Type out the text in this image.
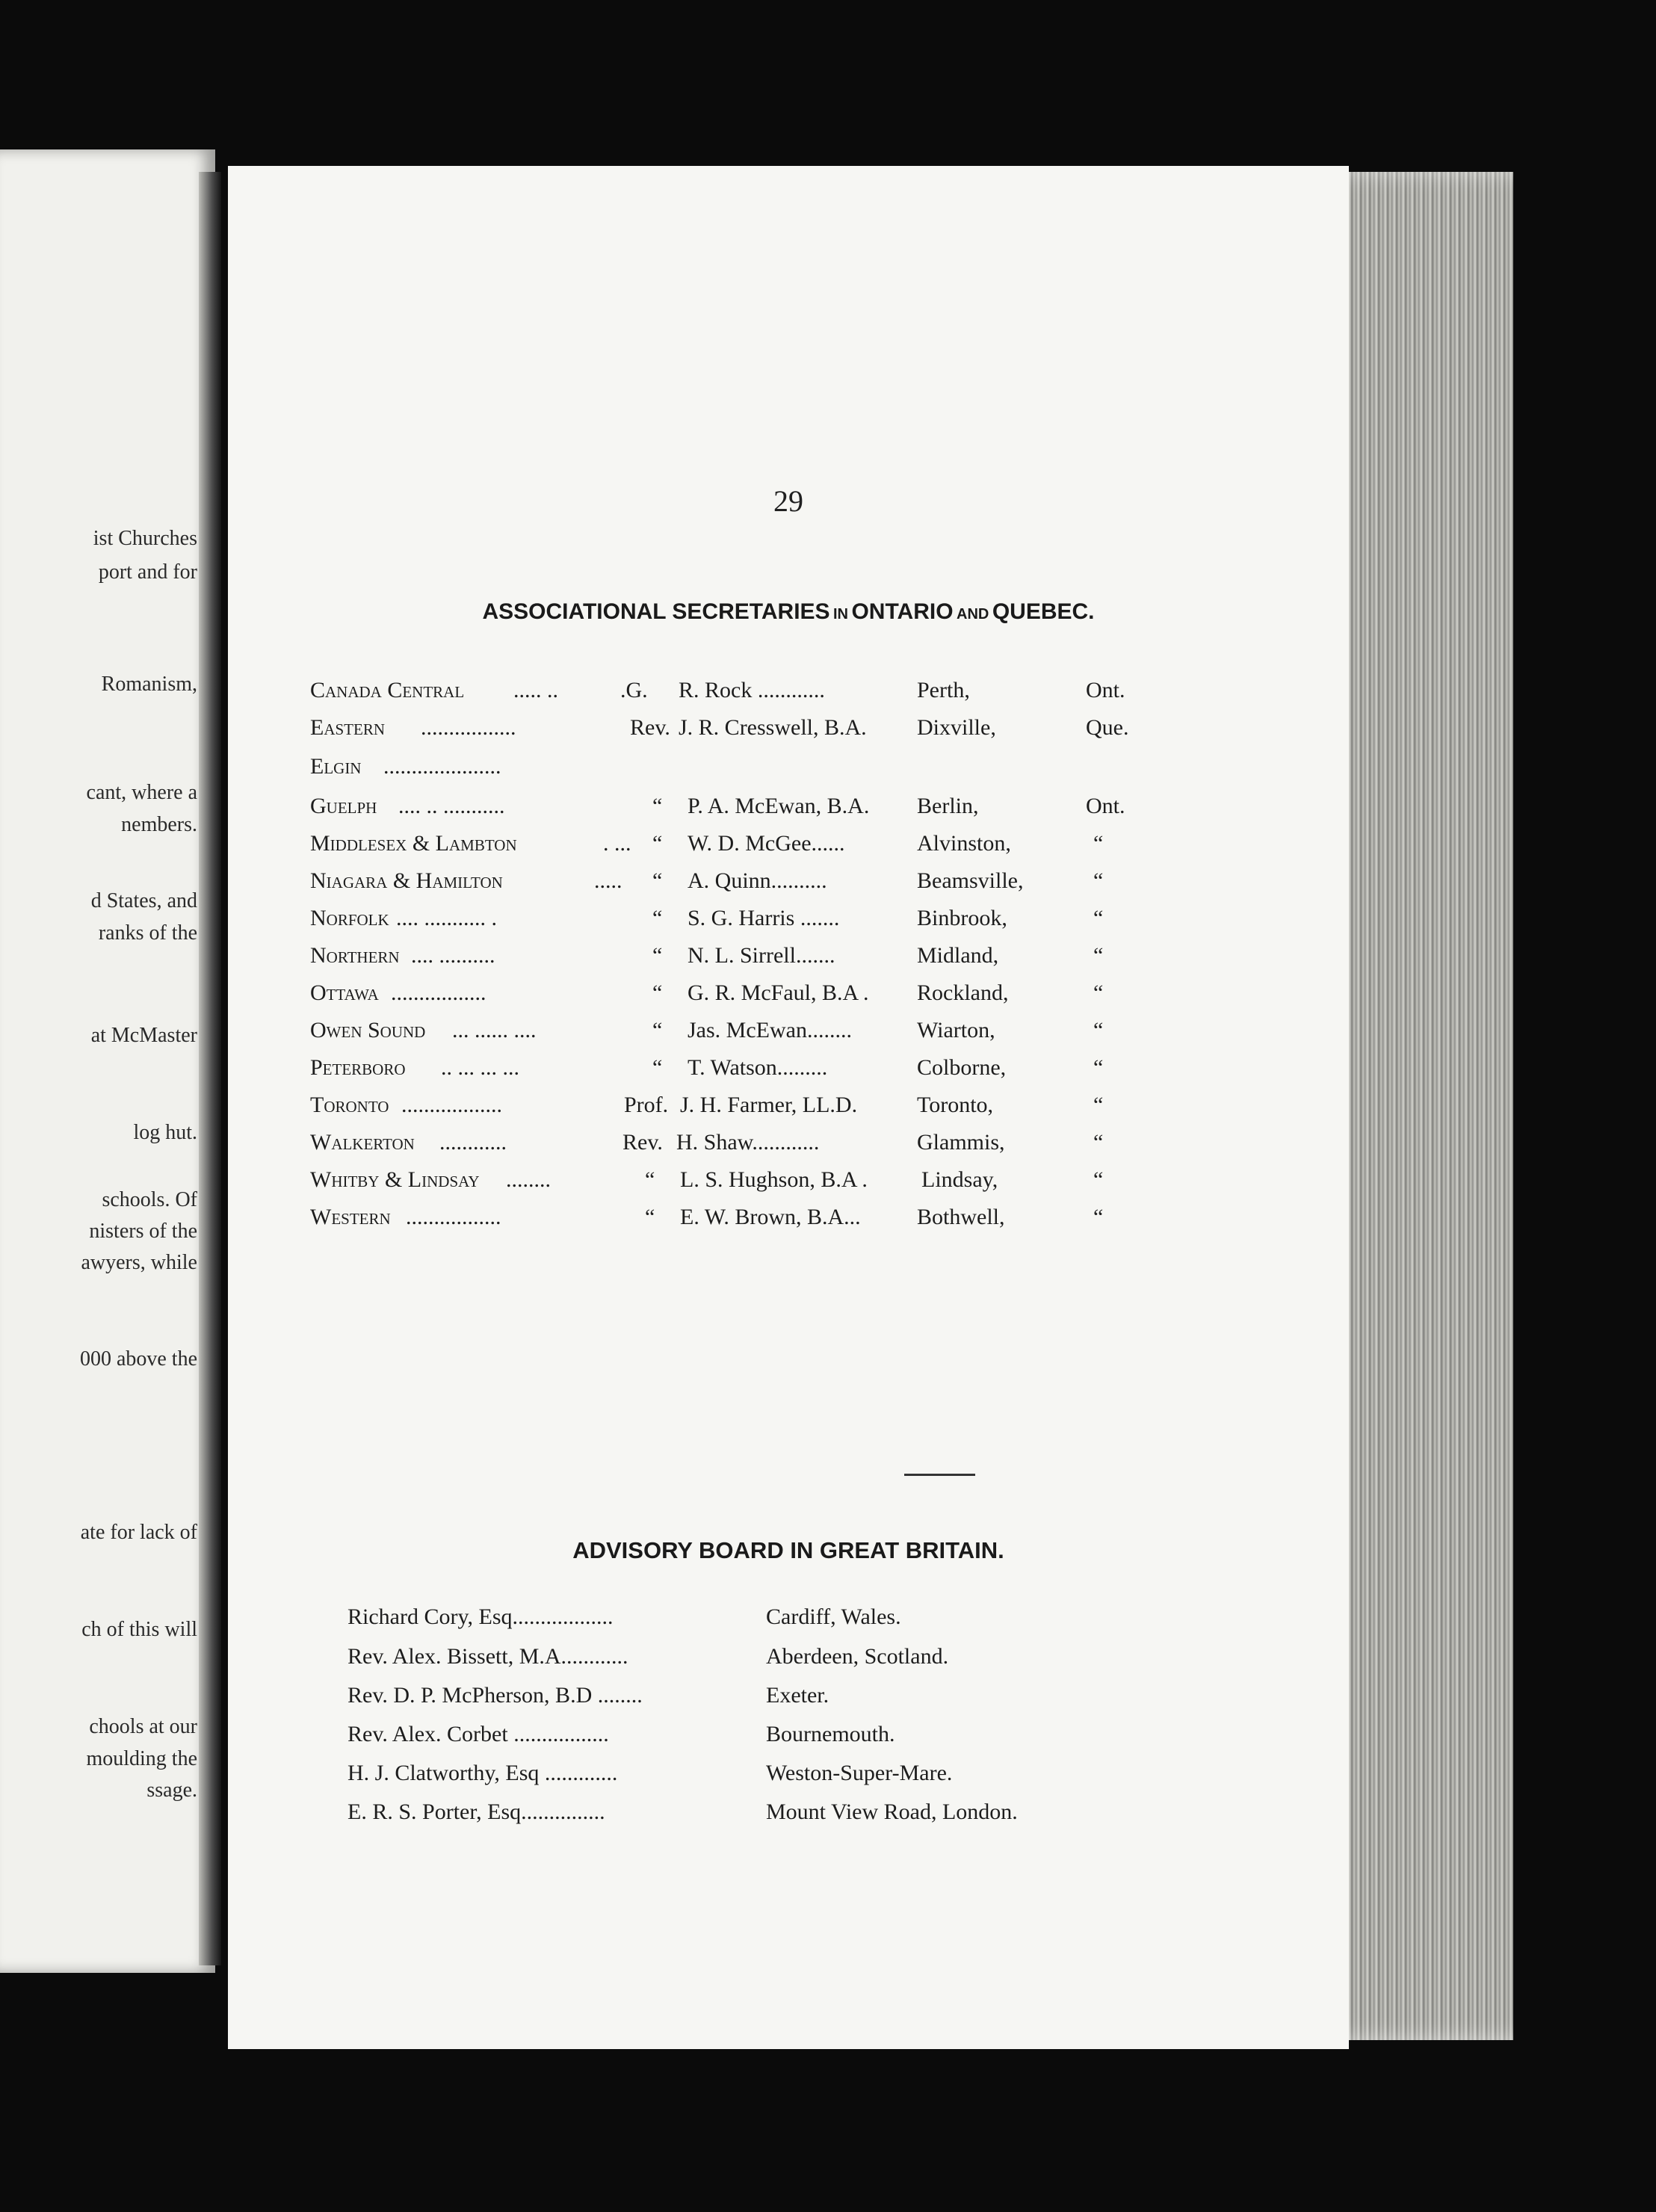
ist Churches
port and for
Romanism,
cant, where a
nembers.
d States, and
ranks of the
at McMaster
log hut.
schools. Of
nisters of the
awyers, while
000 above the
ate for lack of
ch of this will
chools at our
moulding the
ssage.
29
ASSOCIATIONAL SECRETARIES IN ONTARIO AND QUEBEC.
Canada Central ..... ..	.G. R. Rock ............	Perth,	Ont.
Eastern .................	Rev. J. R. Cresswell, B.A. Dixville,	Que.
Elgin .....................
Guelph .... .. ...........	“ P. A. McEwan, B.A. Berlin,	Ont.
Middlesex & Lambton	. ... “ W. D. McGee......	Alvinston,	“
Niagara & Hamilton	..... “ A. Quinn..........	Beamsville,	“
Norfolk .... ........... .	“ S. G. Harris .......	Binbrook,	“
Northern .... ..........	“ N. L. Sirrell.......	Midland,	“
Ottawa .................	“ G. R. McFaul, B.A . Rockland,	“
Owen Sound ... ...... ....	“ Jas. McEwan........	Wiarton,	“
Peterboro .. ... ... ...	“ T. Watson.........	Colborne,	“
Toronto ..................	Prof. J. H. Farmer, LL.D.	Toronto,	“
Walkerton ............	Rev. H. Shaw............	Glammis,	“
Whitby & Lindsay ........	“ L. S. Hughson, B.A . Lindsay,	“
Western .................	“ E. W. Brown, B.A...	Bothwell,	“
ADVISORY BOARD IN GREAT BRITAIN.
Richard Cory, Esq..................	Cardiff, Wales.
Rev. Alex. Bissett, M.A............	Aberdeen, Scotland.
Rev. D. P. McPherson, B.D ........	Exeter.
Rev. Alex. Corbet .................	Bournemouth.
H. J. Clatworthy, Esq .............	Weston-Super-Mare.
E. R. S. Porter, Esq...............	Mount View Road, London.
